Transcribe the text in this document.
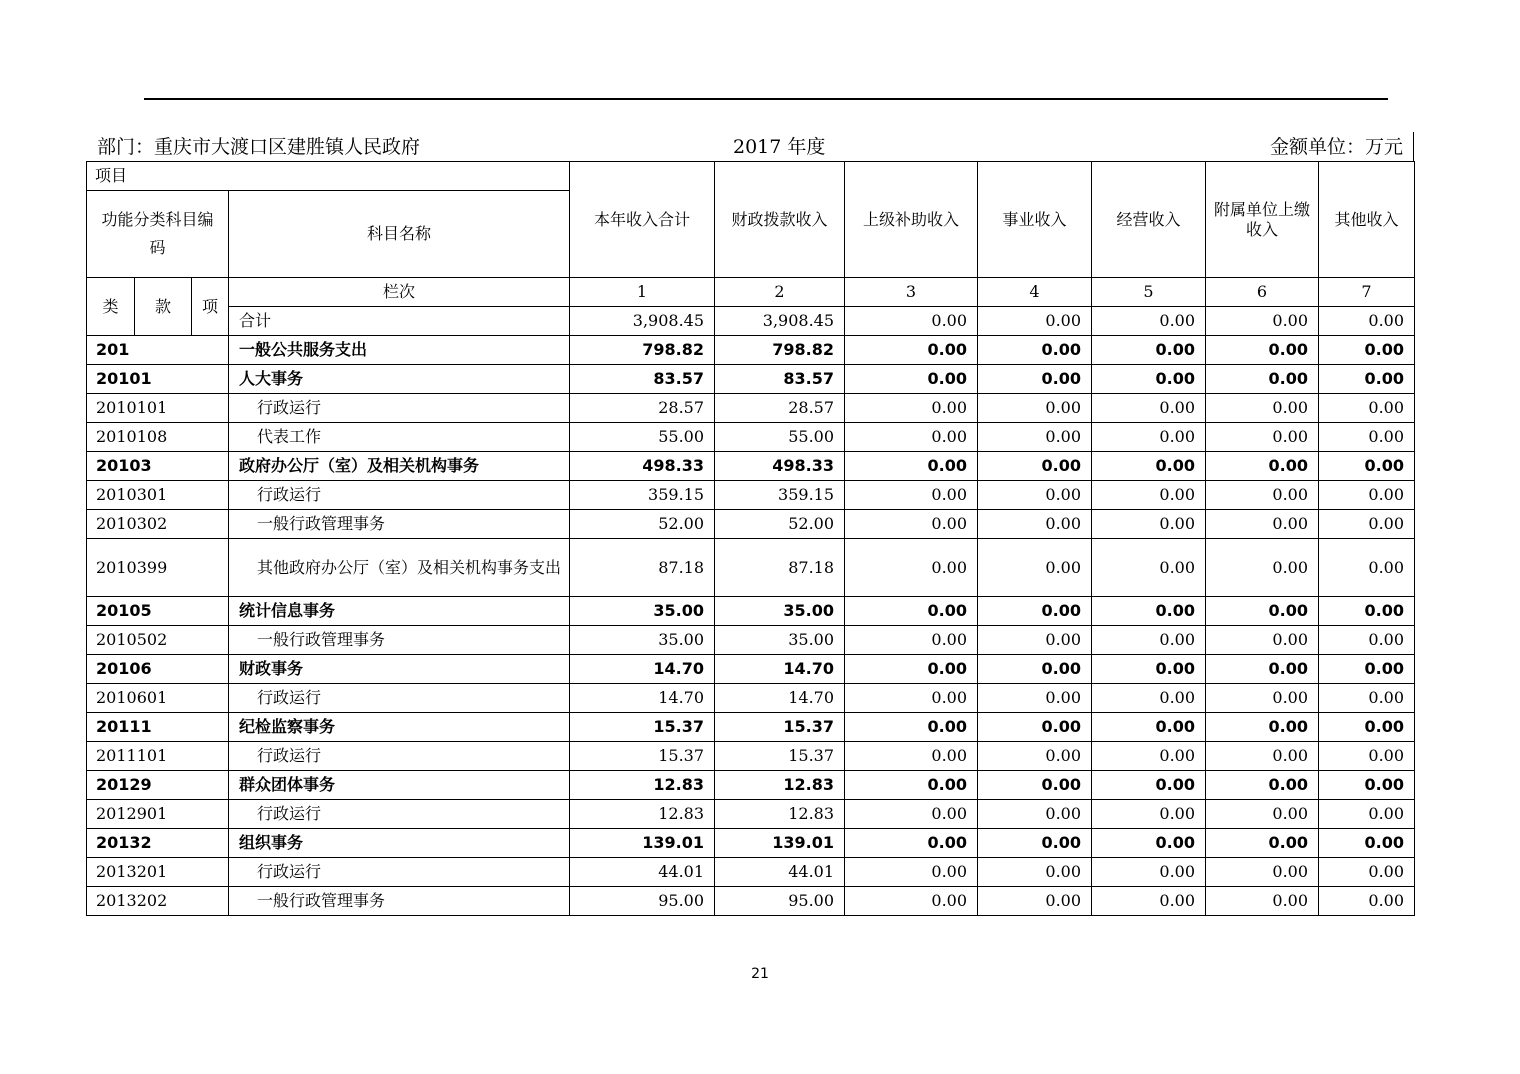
部门：重庆市大渡口区建胜镇人民政府	2017 年度	金额单位：万元
项目				本年收入合计	财政拨款收入	上级补助收入	事业收入	经营收入	附属单位上缴收入	其他收入
功能分类科目编码			科目名称							
类	款	项	栏次	1	2	3	4	5	6	7
			合计	3,908.45	3,908.45	0.00	0.00	0.00	0.00	0.00
201			一般公共服务支出	798.82	798.82	0.00	0.00	0.00	0.00	0.00
20101			人大事务	83.57	83.57	0.00	0.00	0.00	0.00	0.00
2010101			行政运行	28.57	28.57	0.00	0.00	0.00	0.00	0.00
2010108			代表工作	55.00	55.00	0.00	0.00	0.00	0.00	0.00
20103			政府办公厅（室）及相关机构事务	498.33	498.33	0.00	0.00	0.00	0.00	0.00
2010301			行政运行	359.15	359.15	0.00	0.00	0.00	0.00	0.00
2010302			一般行政管理事务	52.00	52.00	0.00	0.00	0.00	0.00	0.00
2010399			其他政府办公厅（室）及相关机构事务支出	87.18	87.18	0.00	0.00	0.00	0.00	0.00
20105			统计信息事务	35.00	35.00	0.00	0.00	0.00	0.00	0.00
2010502			一般行政管理事务	35.00	35.00	0.00	0.00	0.00	0.00	0.00
20106			财政事务	14.70	14.70	0.00	0.00	0.00	0.00	0.00
2010601			行政运行	14.70	14.70	0.00	0.00	0.00	0.00	0.00
20111			纪检监察事务	15.37	15.37	0.00	0.00	0.00	0.00	0.00
2011101			行政运行	15.37	15.37	0.00	0.00	0.00	0.00	0.00
20129			群众团体事务	12.83	12.83	0.00	0.00	0.00	0.00	0.00
2012901			行政运行	12.83	12.83	0.00	0.00	0.00	0.00	0.00
20132			组织事务	139.01	139.01	0.00	0.00	0.00	0.00	0.00
2013201			行政运行	44.01	44.01	0.00	0.00	0.00	0.00	0.00
2013202			一般行政管理事务	95.00	95.00	0.00	0.00	0.00	0.00	0.00
21
